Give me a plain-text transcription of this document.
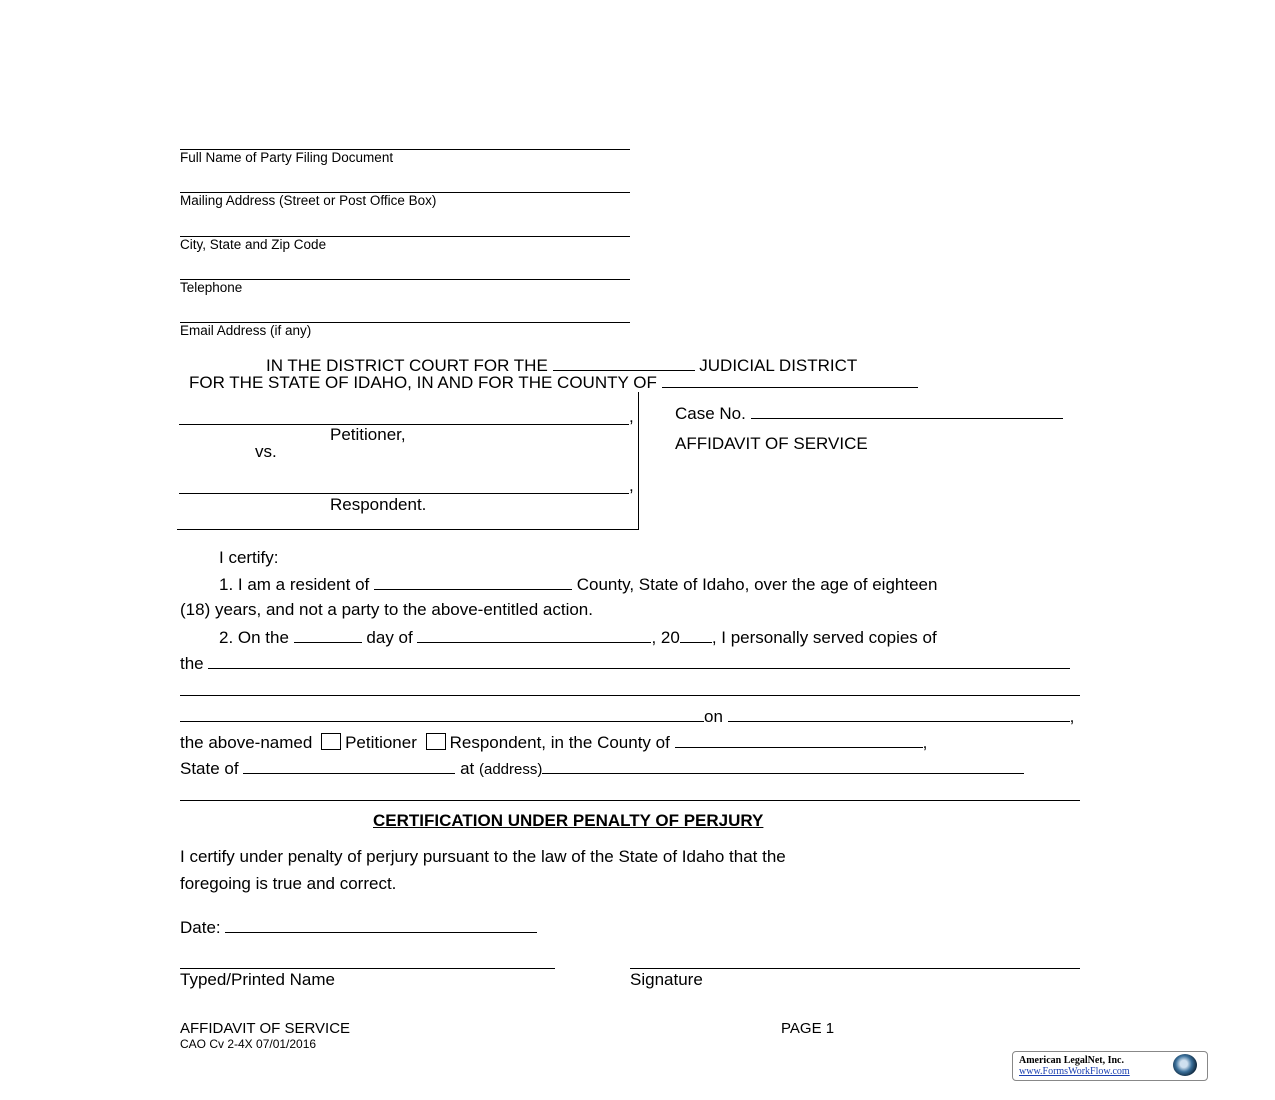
Full Name of Party Filing Document
Mailing Address (Street or Post Office Box)
City, State and Zip Code
Telephone
Email Address (if any)
IN THE DISTRICT COURT FOR THE	JUDICIAL DISTRICT
FOR THE STATE OF IDAHO, IN AND FOR THE COUNTY OF
,
Petitioner,
vs.
,
Respondent.
Case No.
AFFIDAVIT OF SERVICE
I certify:
1. I am a resident of	County, State of Idaho, over the age of eighteen
(18) years, and not a party to the above-entitled action.
2. On the	day of	, 20 , I personally served copies of
the
on	,
the above-named Petitioner Respondent, in the County of	,
State of	at (address)
CERTIFICATION UNDER PENALTY OF PERJURY
I certify under penalty of perjury pursuant to the law of the State of Idaho that the
foregoing is true and correct.
Date:
Typed/Printed Name	Signature
AFFIDAVIT OF SERVICE
CAO Cv 2-4X 07/01/2016
PAGE 1
American LegalNet, Inc.
www.FormsWorkFlow.com
